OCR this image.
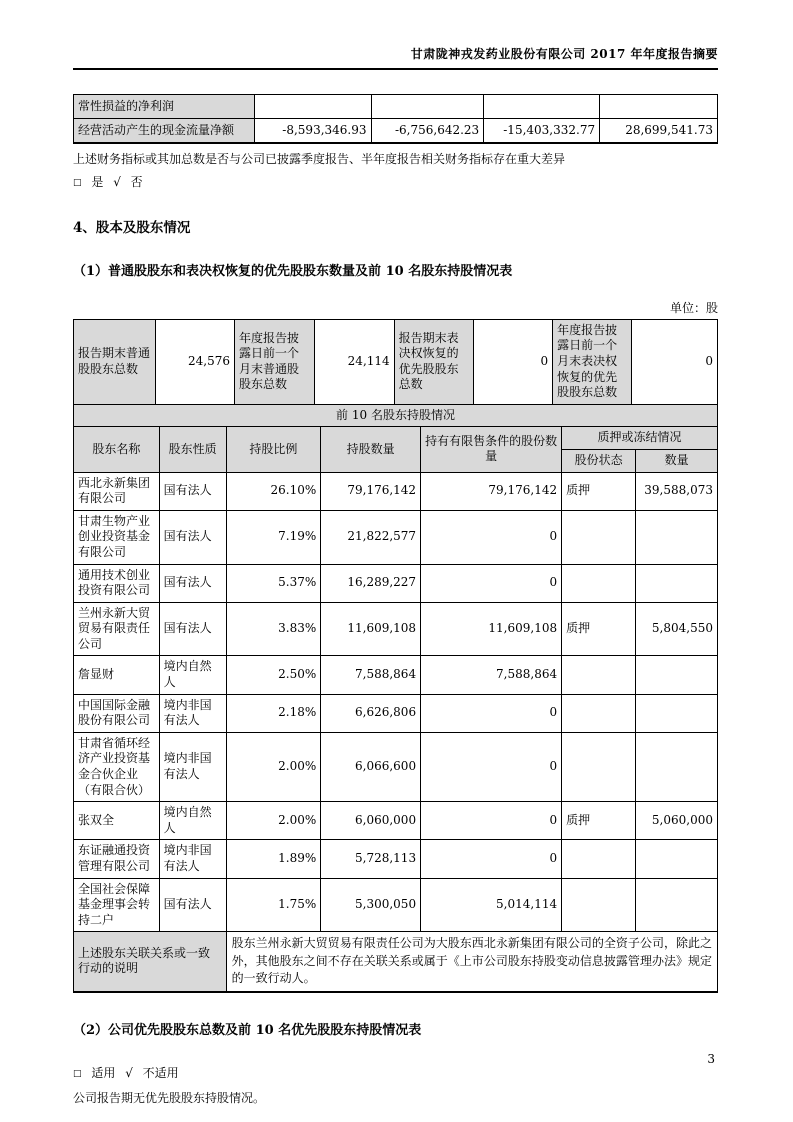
甘肃陇神戎发药业股份有限公司 2017 年年度报告摘要
常性损益的净利润				
经营活动产生的现金流量净额	-8,593,346.93	-6,756,642.23	-15,403,332.77	28,699,541.73
上述财务指标或其加总数是否与公司已披露季度报告、半年度报告相关财务指标存在重大差异
□ 是 √ 否
4、股本及股东情况
（1）普通股股东和表决权恢复的优先股股东数量及前 10 名股东持股情况表
单位：股
报告期末普通股股东总数	24,576	年度报告披露日前一个月末普通股股东总数	24,114	报告期末表决权恢复的优先股股东总数	0	年度报告披露日前一个月末表决权恢复的优先股股东总数	0
前 10 名股东持股情况						
股东名称	股东性质	持股比例	持股数量	持有有限售条件的股份数量	质押或冻结情况	
					股份状态	数量
西北永新集团有限公司	国有法人	26.10%	79,176,142	79,176,142	质押	39,588,073
甘肃生物产业创业投资基金有限公司	国有法人	7.19%	21,822,577	0		
通用技术创业投资有限公司	国有法人	5.37%	16,289,227	0		
兰州永新大贸贸易有限责任公司	国有法人	3.83%	11,609,108	11,609,108	质押	5,804,550
詹显财	境内自然人	2.50%	7,588,864	7,588,864		
中国国际金融股份有限公司	境内非国有法人	2.18%	6,626,806	0		
甘肃省循环经济产业投资基金合伙企业（有限合伙）	境内非国有法人	2.00%	6,066,600	0		
张双全	境内自然人	2.00%	6,060,000	0	质押	5,060,000
东证融通投资管理有限公司	境内非国有法人	1.89%	5,728,113	0		
全国社会保障基金理事会转持二户	国有法人	1.75%	5,300,050	5,014,114		
上述股东关联关系或一致行动的说明		股东兰州永新大贸贸易有限责任公司为大股东西北永新集团有限公司的全资子公司，除此之外，其他股东之间不存在关联关系或属于《上市公司股东持股变动信息披露管理办法》规定的一致行动人。				
（2）公司优先股股东总数及前 10 名优先股股东持股情况表
□ 适用 √ 不适用
公司报告期无优先股股东持股情况。
3
